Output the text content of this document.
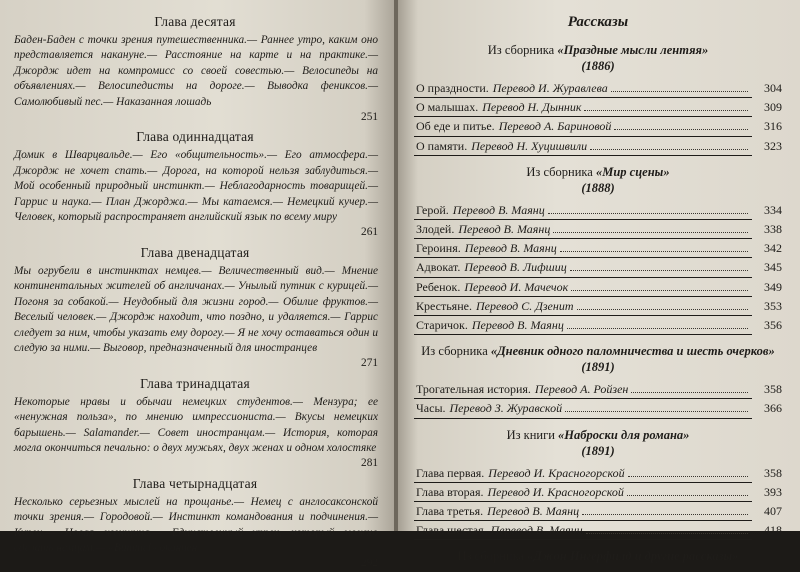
Глава десятая
Баден-Баден с точки зрения путешественника.— Раннее утро, каким оно представляется накануне.— Расстояние на карте и на практике.— Джордж идет на компромисс со своей совестью.— Велосипеды на объявлениях.— Велосипедисты на дороге.— Выводка фениксов.— Самолюбивый пес.— Наказанная лошадь
251
Глава одиннадцатая
Домик в Шварцвальде.— Его «общительность».— Его атмосфера.— Джордж не хочет спать.— Дорога, на которой нельзя заблудиться.— Мой особенный природный инстинкт.— Неблагодарность товарищей.— Гаррис и наука.— План Джорджа.— Мы катаемся.— Немецкий кучер.— Человек, который распространяет английский язык по всему миру
261
Глава двенадцатая
Мы огрубели в инстинктах немцев.— Величественный вид.— Мнение континентальных жителей об англичанах.— Унылый путник с курицей.— Погоня за собакой.— Неудобный для жизни город.— Обилие фруктов.— Веселый человек.— Джордж находит, что поздно, и удаляется.— Гаррис следует за ним, чтобы указать ему дорогу.— Я не хочу оставаться один и следую за ними.— Выговор, предназначенный для иностранцев
271
Глава тринадцатая
Некоторые нравы и обычаи немецких студентов.— Мензура; ее «ненужная польза», по мнению импрессиониста.— Вкусы немецких барышень.— Salamander.— Совет иностранцам.— История, которая могла окончиться печально: о двух мужьях, двух женах и одном холостяке
281
Глава четырнадцатая
Несколько серьезных мыслей на прощанье.— Немец с англосаксонской точки зрения.— Городовой.— Инстинкт командования и подчинения.— Купец.— Новая женщина.— Единственный упрек, который можно сделать немцам.— «Bummel» окончен
292
Рассказы
Из сборника «Праздные мысли лентяя»
(1886)
О праздности. Перевод И. Журавлева	304
О малышах. Перевод Н. Дынник	309
Об еде и питье. Перевод А. Бариновой	316
О памяти. Перевод Н. Хуцишвили	323
Из сборника «Мир сцены»
(1888)
Герой. Перевод В. Маянц	334
Злодей. Перевод В. Маянц	338
Героиня. Перевод В. Маянц	342
Адвокат. Перевод В. Лифшиц	345
Ребенок. Перевод И. Мачечок	349
Крестьяне. Перевод С. Дзенит	353
Старичок. Перевод В. Маянц	356
Из сборника «Дневник одного паломничества и шесть очерков»
(1891)
Трогательная история. Перевод А. Ройзен	358
Часы. Перевод З. Журавской	366
Из книги «Наброски для романа»
(1891)
Глава первая. Перевод И. Красногорской	358
Глава вторая. Перевод И. Красногорской	393
Глава третья. Перевод В. Маянц	407
Глава шестая. Перевод В. Маянц	418
Из сборника «Джон Ингерфилд и другие рассказы»
